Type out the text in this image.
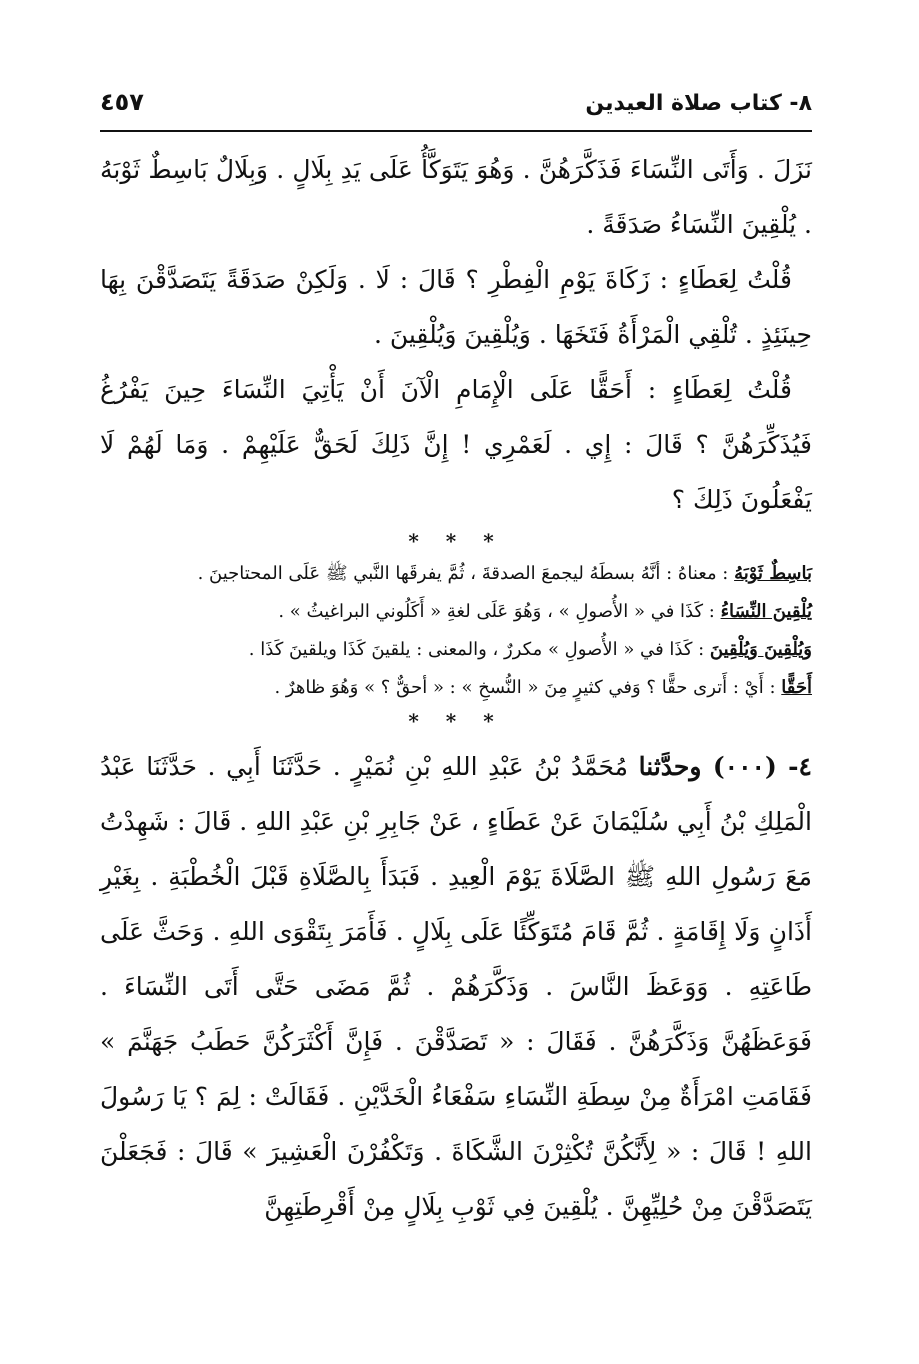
٨- كتاب صلاة العيدين
٤٥٧

نَزَلَ . وَأَتَى النِّسَاءَ فَذَكَّرَهُنَّ . وَهُوَ يَتَوَكَّأُ عَلَى يَدِ بِلَالٍ . وَبِلَالٌ بَاسِطٌ ثَوْبَهُ . يُلْقِينَ النِّسَاءُ صَدَقَةً .

قُلْتُ لِعَطَاءٍ : زَكَاةَ يَوْمِ الْفِطْرِ ؟ قَالَ : لَا . وَلَكِنْ صَدَقَةً يَتَصَدَّقْنَ بِهَا حِينَئِذٍ . تُلْقِي الْمَرْأَةُ فَتَخَهَا . وَيُلْقِينَ وَيُلْقِينَ .

قُلْتُ لِعَطَاءٍ : أَحَقًّا عَلَى الْإِمَامِ الْآنَ أَنْ يَأْتِيَ النِّسَاءَ حِينَ يَفْرُغُ فَيُذَكِّرَهُنَّ ؟ قَالَ : إِي . لَعَمْرِي ! إِنَّ ذَلِكَ لَحَقٌّ عَلَيْهِمْ . وَمَا لَهُمْ لَا يَفْعَلُونَ ذَلِكَ ؟

* * *

بَاسِطٌ ثَوْبَهُ : معناهُ : أنَّهُ بسطَهُ ليجمعَ الصدقةَ ، ثُمَّ يفرقَها النَّبي ﷺ عَلَى المحتاجينَ .

يُلْقِينَ النِّسَاءُ : كَذَا في « الأُصولِ » ، وَهُوَ عَلَى لغةِ « أَكَلُوني البراغيثُ » .

وَيُلْقِينَ وَيُلْقِينَ : كَذَا في « الأُصولِ » مكررٌ ، والمعنى : يلقينَ كَذَا ويلقينَ كَذَا .

أَحَقًّا : أَيْ : أَترى حقًّا ؟ وَفي كثيرٍ مِنَ « النُّسخِ » : « أحقٌّ ؟ » وَهُوَ ظاهرٌ .

* * *

٤- (٠٠٠) وحدَّثنا مُحَمَّدُ بْنُ عَبْدِ اللهِ بْنِ نُمَيْرٍ . حَدَّثَنَا أَبِي . حَدَّثَنَا عَبْدُ الْمَلِكِ بْنُ أَبِي سُلَيْمَانَ عَنْ عَطَاءٍ ، عَنْ جَابِرِ بْنِ عَبْدِ اللهِ . قَالَ : شَهِدْتُ مَعَ رَسُولِ اللهِ ﷺ الصَّلَاةَ يَوْمَ الْعِيدِ . فَبَدَأَ بِالصَّلَاةِ قَبْلَ الْخُطْبَةِ . بِغَيْرِ أَذَانٍ وَلَا إِقَامَةٍ . ثُمَّ قَامَ مُتَوَكِّئًا عَلَى بِلَالٍ . فَأَمَرَ بِتَقْوَى اللهِ . وَحَثَّ عَلَى طَاعَتِهِ . وَوَعَظَ النَّاسَ . وَذَكَّرَهُمْ . ثُمَّ مَضَى حَتَّى أَتَى النِّسَاءَ . فَوَعَظَهُنَّ وَذَكَّرَهُنَّ . فَقَالَ : « تَصَدَّقْنَ . فَإِنَّ أَكْثَرَكُنَّ حَطَبُ جَهَنَّمَ » فَقَامَتِ امْرَأَةٌ مِنْ سِطَةِ النِّسَاءِ سَفْعَاءُ الْخَدَّيْنِ . فَقَالَتْ : لِمَ ؟ يَا رَسُولَ اللهِ ! قَالَ : « لِأَنَّكُنَّ تُكْثِرْنَ الشَّكَاةَ . وَتَكْفُرْنَ الْعَشِيرَ » قَالَ : فَجَعَلْنَ يَتَصَدَّقْنَ مِنْ حُلِيِّهِنَّ . يُلْقِينَ فِي ثَوْبِ بِلَالٍ مِنْ أَقْرِطَتِهِنَّ
